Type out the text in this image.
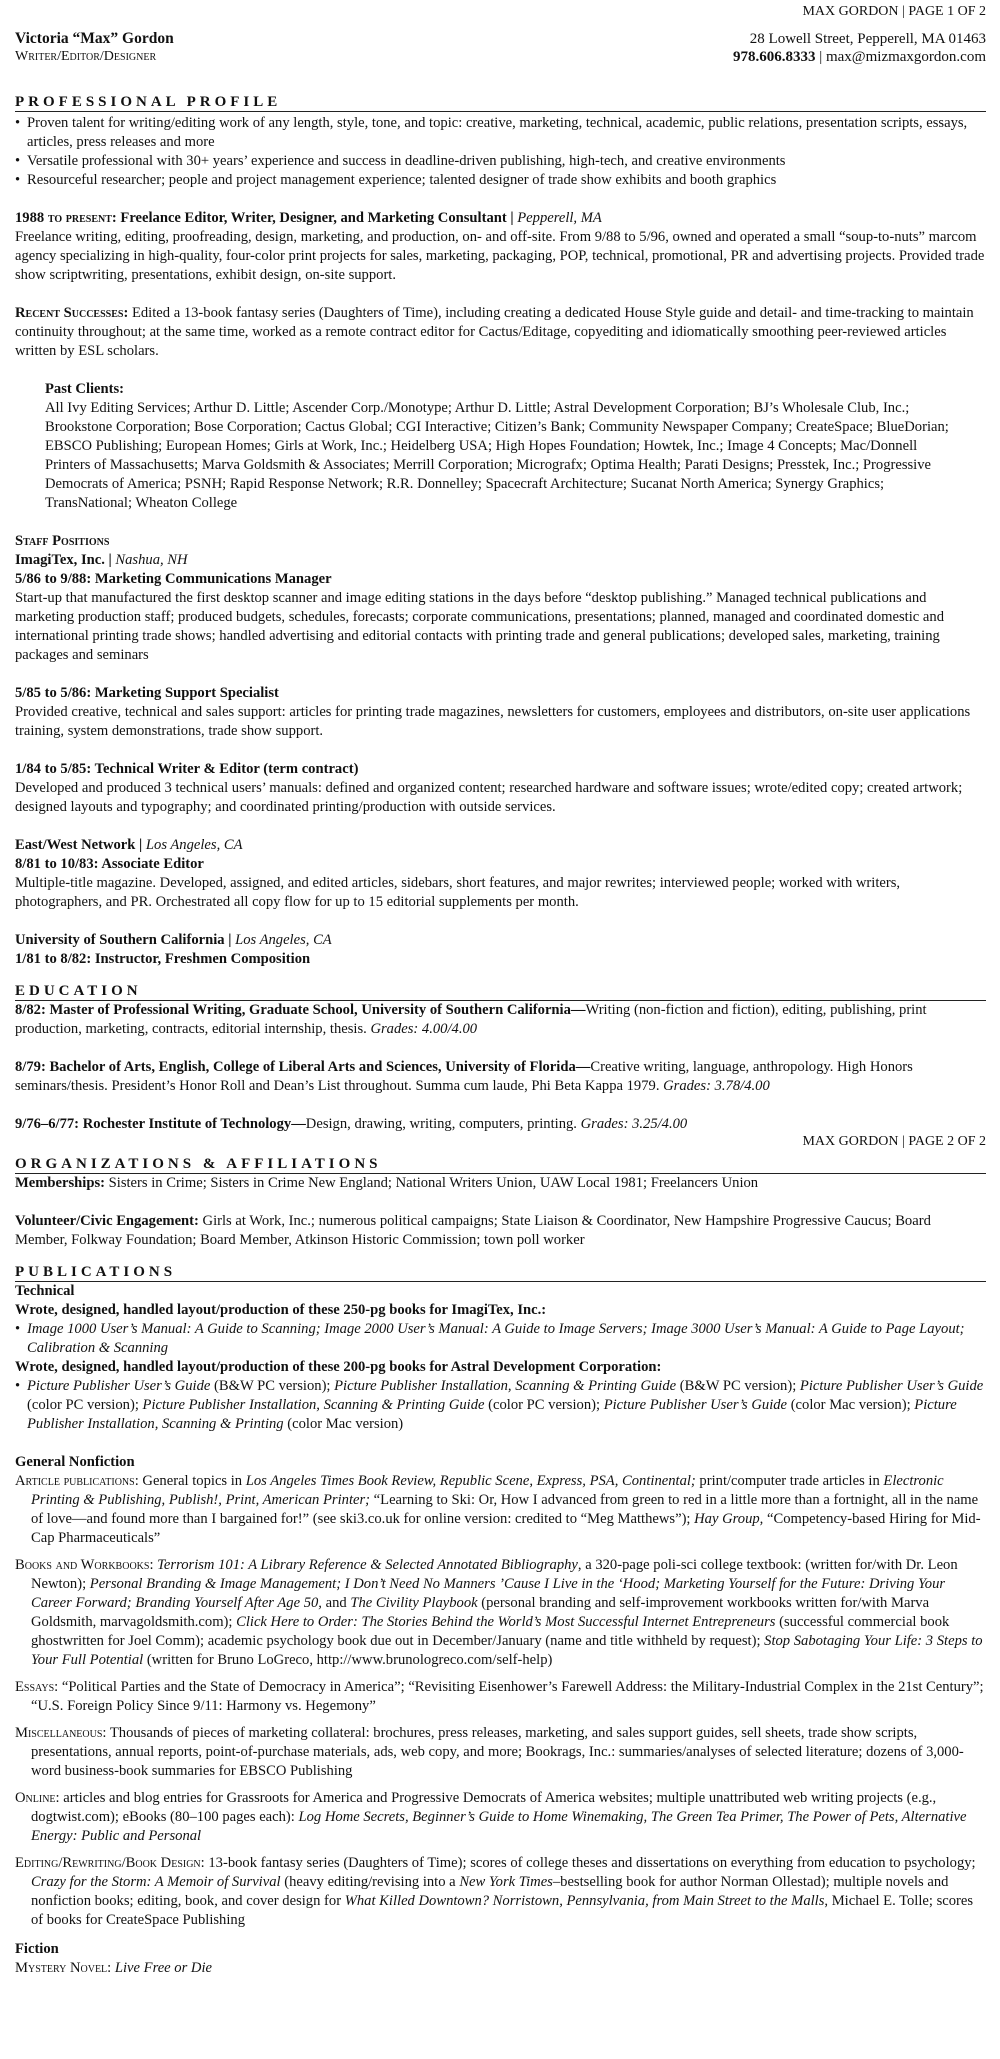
MAX GORDON | PAGE 1 OF 2
Victoria “Max” Gordon
Writer/Editor/Designer
28 Lowell Street, Pepperell, MA 01463
978.606.8333 | max@mizmaxgordon.com
PROFESSIONAL PROFILE
• Proven talent for writing/editing work of any length, style, tone, and topic: creative, marketing, technical, academic, public relations, presentation scripts, essays, articles, press releases and more
• Versatile professional with 30+ years’ experience and success in deadline-driven publishing, high-tech, and creative environments
• Resourceful researcher; people and project management experience; talented designer of trade show exhibits and booth graphics

1988 to present: Freelance Editor, Writer, Designer, and Marketing Consultant | Pepperell, MA

Freelance writing, editing, proofreading, design, marketing, and production, on- and off-site. From 9/88 to 5/96, owned and operated a small “soup-to-nuts” marcom agency specializing in high-quality, four-color print projects for sales, marketing, packaging, POP, technical, promotional, PR and advertising projects. Provided trade show scriptwriting, presentations, exhibit design, on-site support.

Recent Successes: Edited a 13-book fantasy series (Daughters of Time), including creating a dedicated House Style guide and detail- and time-tracking to maintain continuity throughout; at the same time, worked as a remote contract editor for Cactus/Editage, copyediting and idiomatically smoothing peer-reviewed articles written by ESL scholars.

Past Clients:

All Ivy Editing Services; Arthur D. Little; Ascender Corp./Monotype; Arthur D. Little; Astral Development Corporation; BJ’s Wholesale Club, Inc.; Brookstone Corporation; Bose Corporation; Cactus Global; CGI Interactive; Citizen’s Bank; Community Newspaper Company; CreateSpace; BlueDorian; EBSCO Publishing; European Homes; Girls at Work, Inc.; Heidelberg USA; High Hopes Foundation; Howtek, Inc.; Image 4 Concepts; Mac/Donnell Printers of Massachusetts; Marva Goldsmith & Associates; Merrill Corporation; Micrografx; Optima Health; Parati Designs; Presstek, Inc.; Progressive Democrats of America; PSNH; Rapid Response Network; R.R. Donnelley; Spacecraft Architecture; Sucanat North America; Synergy Graphics; TransNational; Wheaton College

Staff Positions

ImagiTex, Inc. | Nashua, NH

5/86 to 9/88: Marketing Communications Manager

Start-up that manufactured the first desktop scanner and image editing stations in the days before “desktop publishing.” Managed technical publications and marketing production staff; produced budgets, schedules, forecasts; corporate communications, presentations; planned, managed and coordinated domestic and international printing trade shows; handled advertising and editorial contacts with printing trade and general publications; developed sales, marketing, training packages and seminars

5/85 to 5/86: Marketing Support Specialist

Provided creative, technical and sales support: articles for printing trade magazines, newsletters for customers, employees and distributors, on-site user applications training, system demonstrations, trade show support.

1/84 to 5/85: Technical Writer & Editor (term contract)

Developed and produced 3 technical users’ manuals: defined and organized content; researched hardware and software issues; wrote/edited copy; created artwork; designed layouts and typography; and coordinated printing/production with outside services.

East/West Network | Los Angeles, CA

8/81 to 10/83: Associate Editor

Multiple-title magazine. Developed, assigned, and edited articles, sidebars, short features, and major rewrites; interviewed people; worked with writers, photographers, and PR. Orchestrated all copy flow for up to 15 editorial supplements per month.

University of Southern California | Los Angeles, CA

1/81 to 8/82: Instructor, Freshmen Composition

EDUCATION

8/82: Master of Professional Writing, Graduate School, University of Southern California—Writing (non-fiction and fiction), editing, publishing, print production, marketing, contracts, editorial internship, thesis. Grades: 4.00/4.00

8/79: Bachelor of Arts, English, College of Liberal Arts and Sciences, University of Florida—Creative writing, language, anthropology. High Honors seminars/thesis. President’s Honor Roll and Dean’s List throughout. Summa cum laude, Phi Beta Kappa 1979. Grades: 3.78/4.00

9/76–6/77: Rochester Institute of Technology—Design, drawing, writing, computers, printing. Grades: 3.25/4.00

MAX GORDON | PAGE 2 OF 2
ORGANIZATIONS & AFFILIATIONS

Memberships: Sisters in Crime; Sisters in Crime New England; National Writers Union, UAW Local 1981; Freelancers Union

Volunteer/Civic Engagement: Girls at Work, Inc.; numerous political campaigns; State Liaison & Coordinator, New Hampshire Progressive Caucus; Board Member, Folkway Foundation; Board Member, Atkinson Historic Commission; town poll worker

PUBLICATIONS

Technical

Wrote, designed, handled layout/production of these 250-pg books for ImagiTex, Inc.:

• Image 1000 User’s Manual: A Guide to Scanning; Image 2000 User’s Manual: A Guide to Image Servers; Image 3000 User’s Manual: A Guide to Page Layout; Calibration & Scanning

Wrote, designed, handled layout/production of these 200-pg books for Astral Development Corporation:

• Picture Publisher User’s Guide (B&W PC version); Picture Publisher Installation, Scanning & Printing Guide (B&W PC version); Picture Publisher User’s Guide (color PC version); Picture Publisher Installation, Scanning & Printing Guide (color PC version); Picture Publisher User’s Guide (color Mac version); Picture Publisher Installation, Scanning & Printing (color Mac version)

General Nonfiction

Article publications: General topics in Los Angeles Times Book Review, Republic Scene, Express, PSA, Continental; print/computer trade articles in Electronic Printing & Publishing, Publish!, Print, American Printer; “Learning to Ski: Or, How I advanced from green to red in a little more than a fortnight, all in the name of love—and found more than I bargained for!” (see ski3.co.uk for online version: credited to “Meg Matthews”); Hay Group, “Competency-based Hiring for Mid-Cap Pharmaceuticals”

Books and Workbooks: Terrorism 101: A Library Reference & Selected Annotated Bibliography, a 320-page poli-sci college textbook: (written for/with Dr. Leon Newton); Personal Branding & Image Management; I Don’t Need No Manners ’Cause I Live in the ‘Hood; Marketing Yourself for the Future: Driving Your Career Forward; Branding Yourself After Age 50, and The Civility Playbook (personal branding and self-improvement workbooks written for/with Marva Goldsmith, marvagoldsmith.com); Click Here to Order: The Stories Behind the World’s Most Successful Internet Entrepreneurs (successful commercial book ghostwritten for Joel Comm); academic psychology book due out in December/January (name and title withheld by request); Stop Sabotaging Your Life: 3 Steps to Your Full Potential (written for Bruno LoGreco, http://www.brunologreco.com/self-help)

Essays: “Political Parties and the State of Democracy in America”; “Revisiting Eisenhower’s Farewell Address: the Military-Industrial Complex in the 21st Century”; “U.S. Foreign Policy Since 9/11: Harmony vs. Hegemony”

Miscellaneous: Thousands of pieces of marketing collateral: brochures, press releases, marketing, and sales support guides, sell sheets, trade show scripts, presentations, annual reports, point-of-purchase materials, ads, web copy, and more; Bookrags, Inc.: summaries/analyses of selected literature; dozens of 3,000-word business-book summaries for EBSCO Publishing

Online: articles and blog entries for Grassroots for America and Progressive Democrats of America websites; multiple unattributed web writing projects (e.g., dogtwist.com); eBooks (80–100 pages each): Log Home Secrets, Beginner’s Guide to Home Winemaking, The Green Tea Primer, The Power of Pets, Alternative Energy: Public and Personal

Editing/Rewriting/Book Design: 13-book fantasy series (Daughters of Time); scores of college theses and dissertations on everything from education to psychology; Crazy for the Storm: A Memoir of Survival (heavy editing/revising into a New York Times–bestselling book for author Norman Ollestad); multiple novels and nonfiction books; editing, book, and cover design for What Killed Downtown? Norristown, Pennsylvania, from Main Street to the Malls, Michael E. Tolle; scores of books for CreateSpace Publishing

Fiction

Mystery Novel: Live Free or Die
